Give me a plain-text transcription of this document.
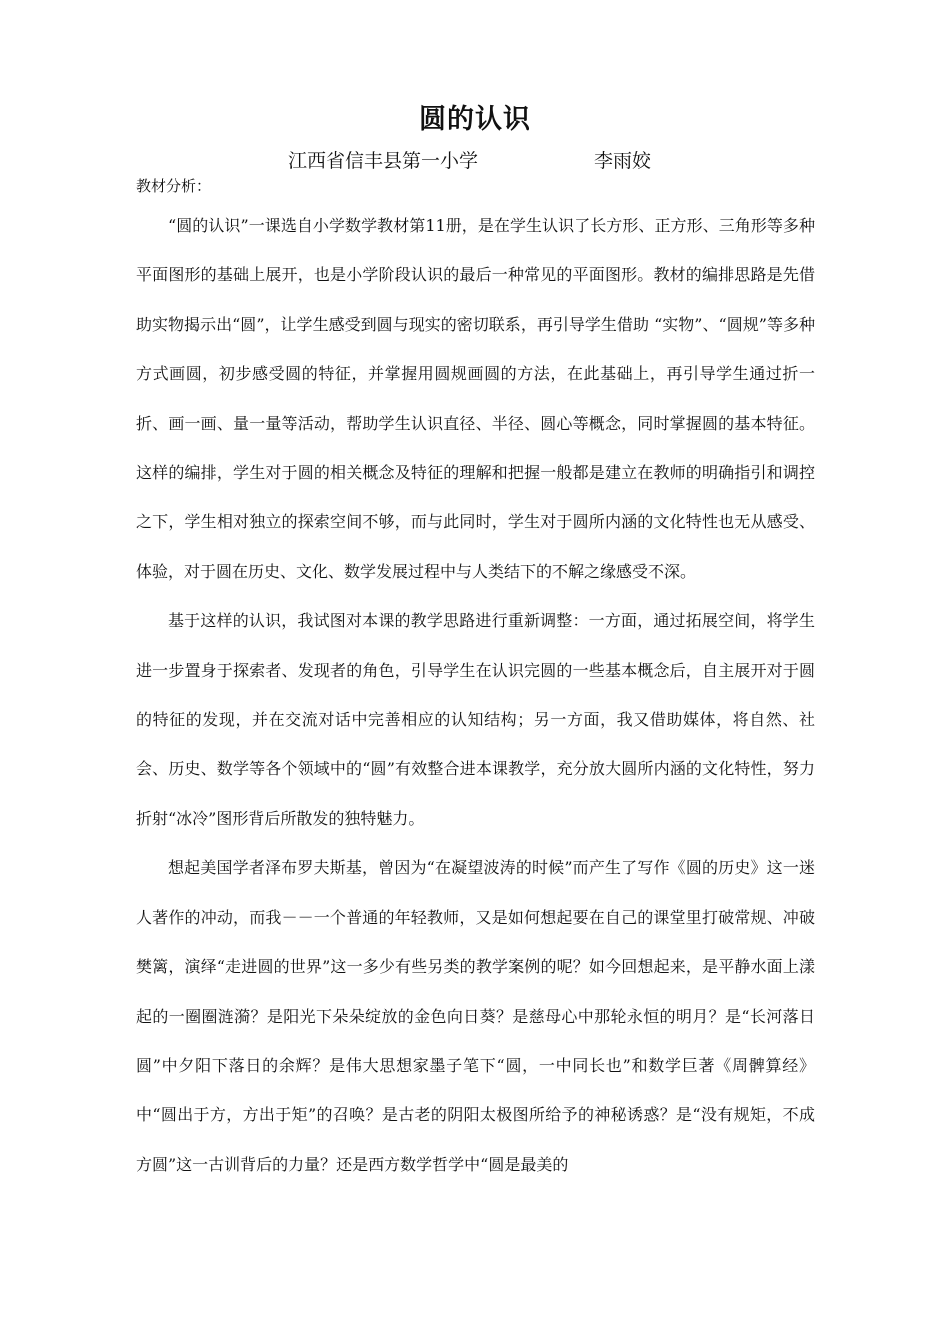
圆的认识
江西省信丰县第一小学	李雨姣
教材分析：

“圆的认识”一课选自小学数学教材第11册，是在学生认识了长方形、正方形、三角形等多种平面图形的基础上展开，也是小学阶段认识的最后一种常见的平面图形。教材的编排思路是先借助实物揭示出“圆”，让学生感受到圆与现实的密切联系，再引导学生借助 “实物”、“圆规”等多种方式画圆，初步感受圆的特征，并掌握用圆规画圆的方法，在此基础上，再引导学生通过折一折、画一画、量一量等活动，帮助学生认识直径、半径、圆心等概念，同时掌握圆的基本特征。这样的编排，学生对于圆的相关概念及特征的理解和把握一般都是建立在教师的明确指引和调控之下，学生相对独立的探索空间不够，而与此同时，学生对于圆所内涵的文化特性也无从感受、体验，对于圆在历史、文化、数学发展过程中与人类结下的不解之缘感受不深。

基于这样的认识，我试图对本课的教学思路进行重新调整：一方面，通过拓展空间，将学生进一步置身于探索者、发现者的角色，引导学生在认识完圆的一些基本概念后，自主展开对于圆的特征的发现，并在交流对话中完善相应的认知结构；另一方面，我又借助媒体，将自然、社会、历史、数学等各个领域中的“圆”有效整合进本课教学，充分放大圆所内涵的文化特性，努力折射“冰冷”图形背后所散发的独特魅力。

想起美国学者泽布罗夫斯基，曾因为“在凝望波涛的时候”而产生了写作《圆的历史》这一迷人著作的冲动，而我－－一个普通的年轻教师，又是如何想起要在自己的课堂里打破常规、冲破樊篱，演绎“走进圆的世界”这一多少有些另类的教学案例的呢？如今回想起来，是平静水面上漾起的一圈圈涟漪？是阳光下朵朵绽放的金色向日葵？是慈母心中那轮永恒的明月？是“长河落日圆”中夕阳下落日的余辉？是伟大思想家墨子笔下“圆，一中同长也”和数学巨著《周髀算经》中“圆出于方，方出于矩”的召唤？是古老的阴阳太极图所给予的神秘诱惑？是“没有规矩，不成方圆”这一古训背后的力量？还是西方数学哲学中“圆是最美的
